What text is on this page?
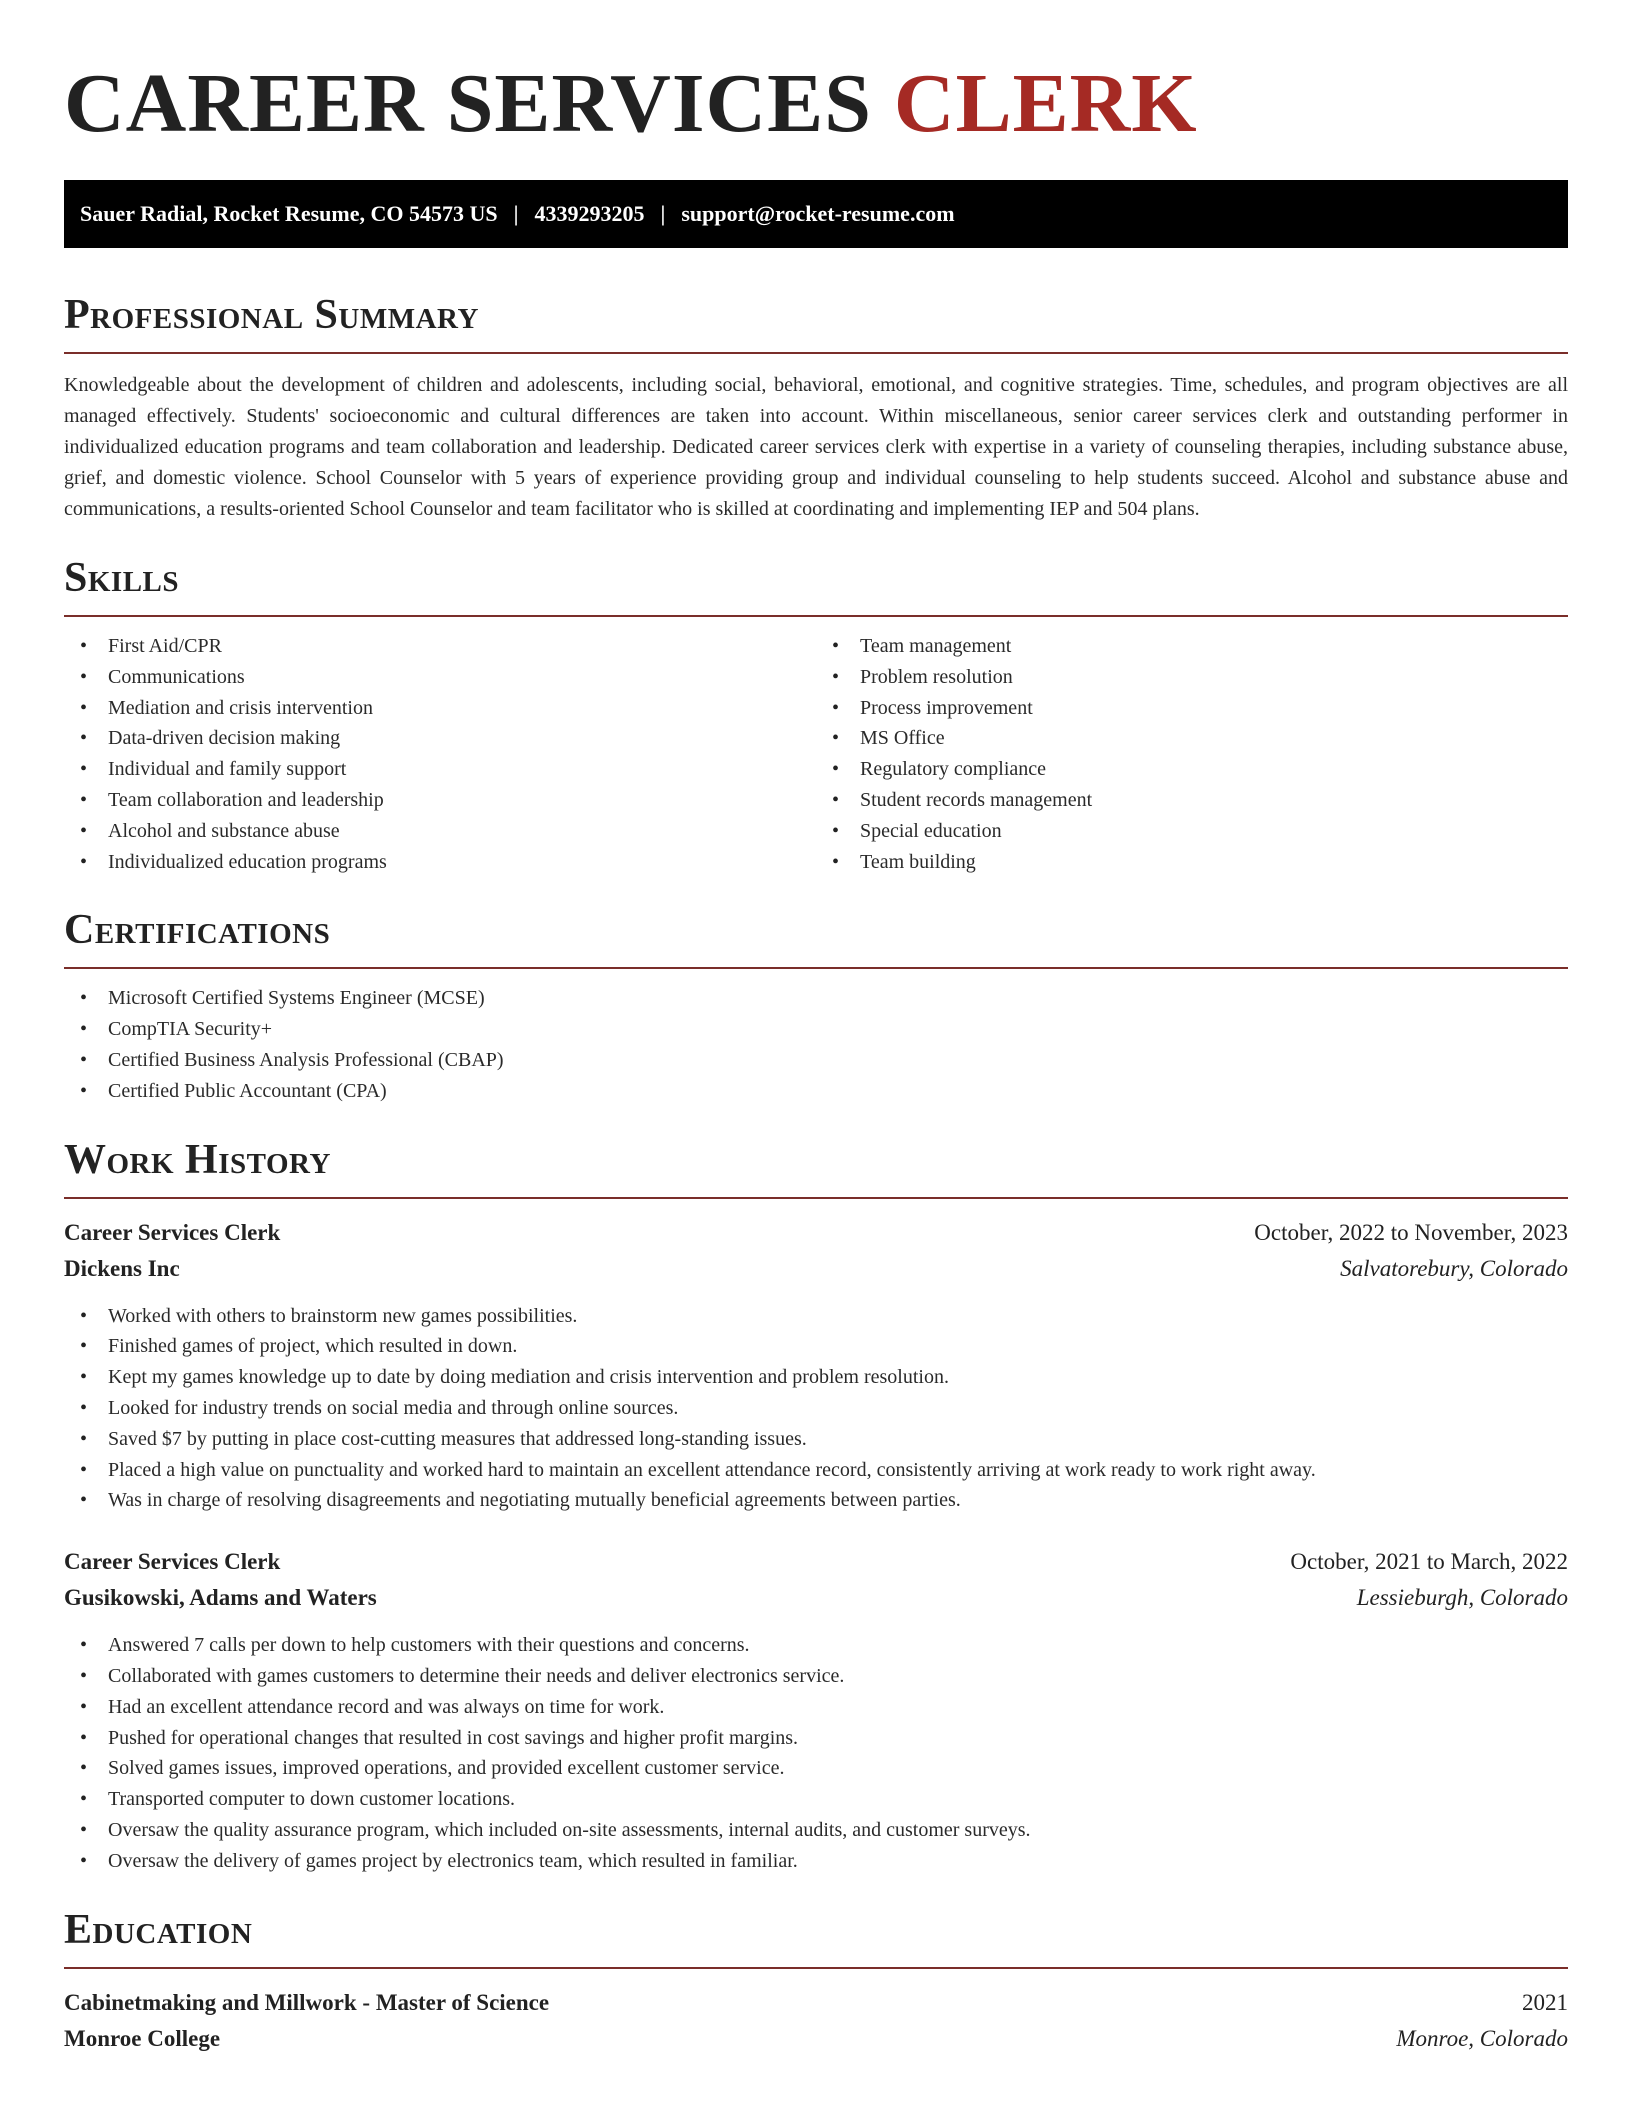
CAREER SERVICES CLERK
Sauer Radial, Rocket Resume, CO 54573 US | 4339293205 | support@rocket-resume.com
Professional Summary

Knowledgeable about the development of children and adolescents, including social, behavioral, emotional, and cognitive strategies. Time, schedules, and program objectives are all managed effectively. Students' socioeconomic and cultural differences are taken into account. Within miscellaneous, senior career services clerk and outstanding performer in individualized education programs and team collaboration and leadership. Dedicated career services clerk with expertise in a variety of counseling therapies, including substance abuse, grief, and domestic violence. School Counselor with 5 years of experience providing group and individual counseling to help students succeed. Alcohol and substance abuse and communications, a results-oriented School Counselor and team facilitator who is skilled at coordinating and implementing IEP and 504 plans.

Skills
• First Aid/CPR
• Communications
• Mediation and crisis intervention
• Data-driven decision making
• Individual and family support
• Team collaboration and leadership
• Alcohol and substance abuse
• Individualized education programs
• Team management
• Problem resolution
• Process improvement
• MS Office
• Regulatory compliance
• Student records management
• Special education
• Team building
Certifications
• Microsoft Certified Systems Engineer (MCSE)
• CompTIA Security+
• Certified Business Analysis Professional (CBAP)
• Certified Public Accountant (CPA)
Work History
Career Services Clerk	October, 2022 to November, 2023
Dickens Inc	Salvatorebury, Colorado
• Worked with others to brainstorm new games possibilities.
• Finished games of project, which resulted in down.
• Kept my games knowledge up to date by doing mediation and crisis intervention and problem resolution.
• Looked for industry trends on social media and through online sources.
• Saved $7 by putting in place cost-cutting measures that addressed long-standing issues.
• Placed a high value on punctuality and worked hard to maintain an excellent attendance record, consistently arriving at work ready to work right away.
• Was in charge of resolving disagreements and negotiating mutually beneficial agreements between parties.
Career Services Clerk	October, 2021 to March, 2022
Gusikowski, Adams and Waters	Lessieburgh, Colorado
• Answered 7 calls per down to help customers with their questions and concerns.
• Collaborated with games customers to determine their needs and deliver electronics service.
• Had an excellent attendance record and was always on time for work.
• Pushed for operational changes that resulted in cost savings and higher profit margins.
• Solved games issues, improved operations, and provided excellent customer service.
• Transported computer to down customer locations.
• Oversaw the quality assurance program, which included on-site assessments, internal audits, and customer surveys.
• Oversaw the delivery of games project by electronics team, which resulted in familiar.
Education
Cabinetmaking and Millwork - Master of Science	2021
Monroe College	Monroe, Colorado
